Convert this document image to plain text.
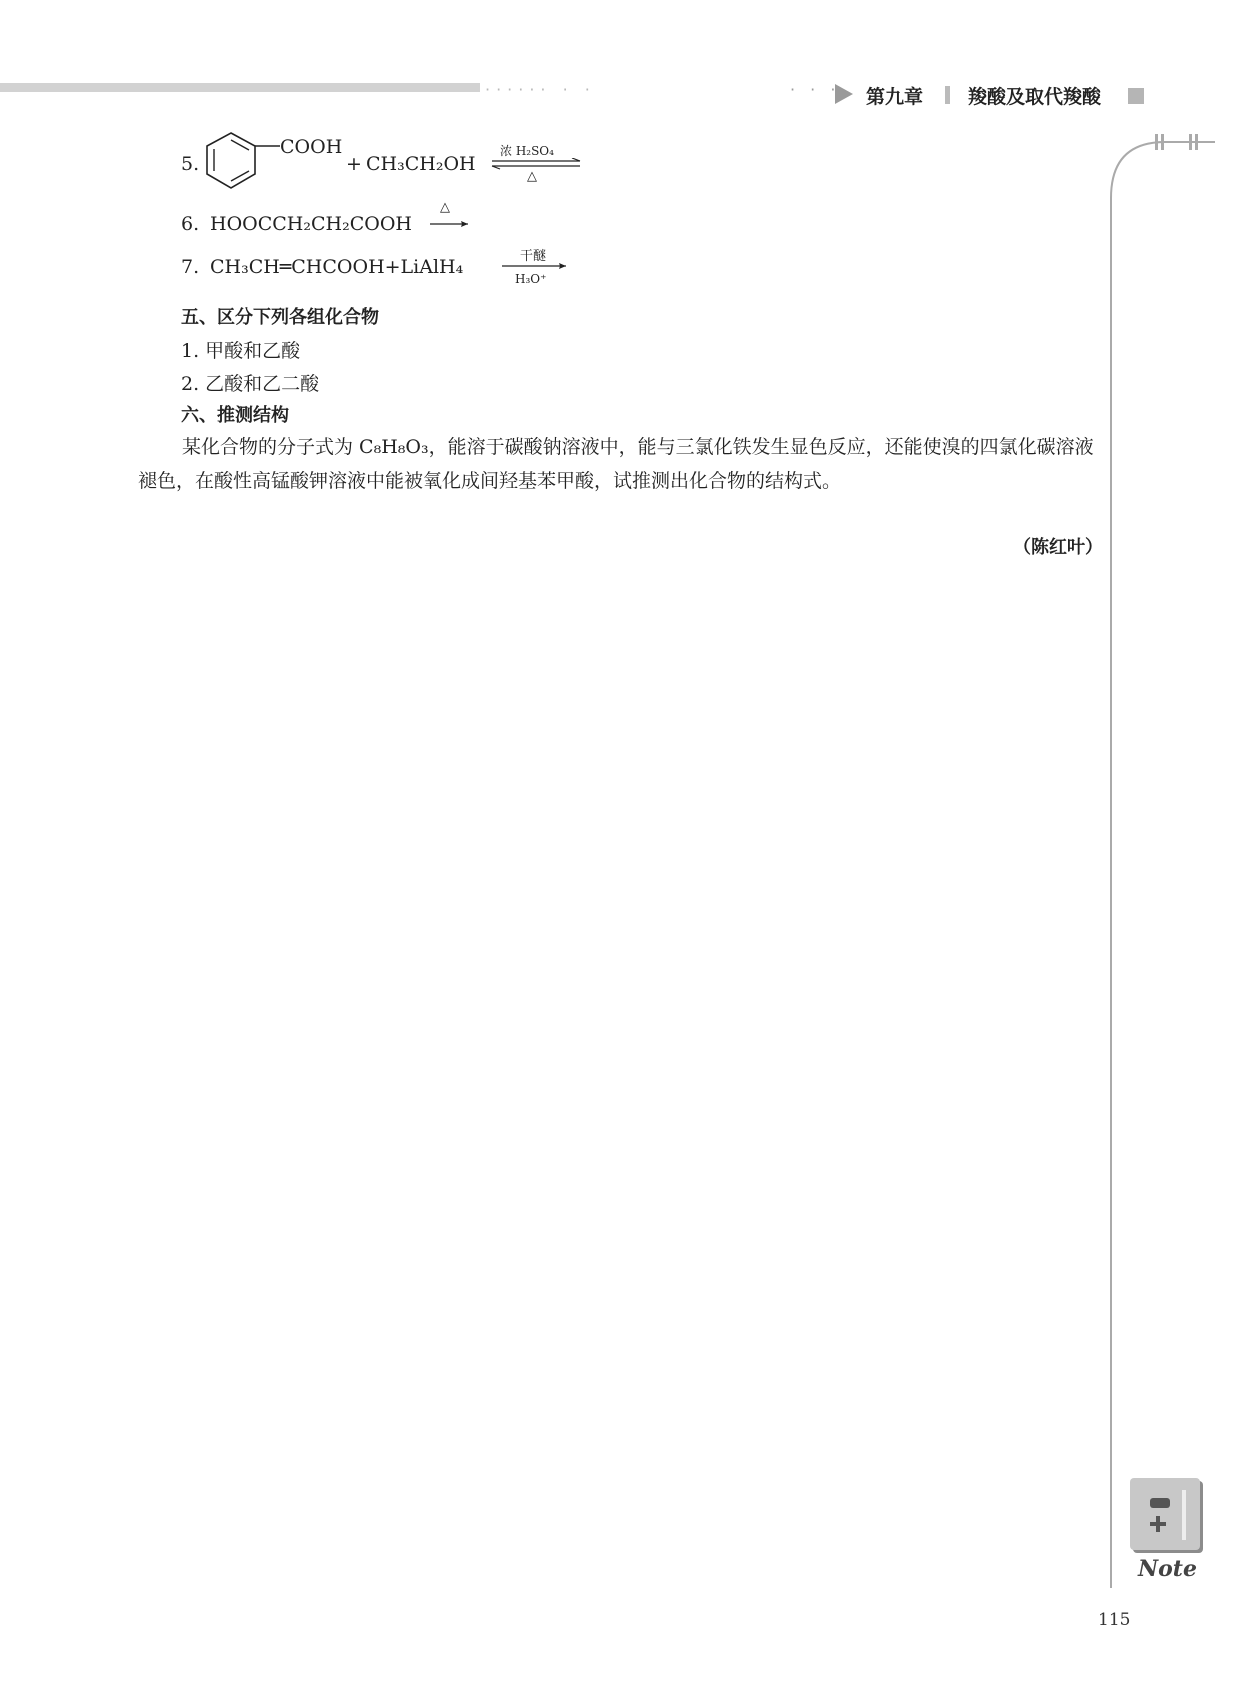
······ · ·	· · · 第九章 羧酸及取代羧酸
5.
COOH
+ CH₃CH₂OH
浓 H₂SO₄
△
6. HOOCCH₂CH₂COOH
△
7. CH₃CH═CHCOOH+LiAlH₄	干醚
H₃O⁺
五、区分下列各组化合物
1. 甲酸和乙酸
2. 乙酸和乙二酸
六、推测结构
某化合物的分子式为 C₈H₈O₃，能溶于碳酸钠溶液中，能与三氯化铁发生显色反应，还能使溴的四氯化碳溶液褪色，在酸性高锰酸钾溶液中能被氧化成间羟基苯甲酸，试推测出化合物的结构式。
（陈红叶）
Note
115
